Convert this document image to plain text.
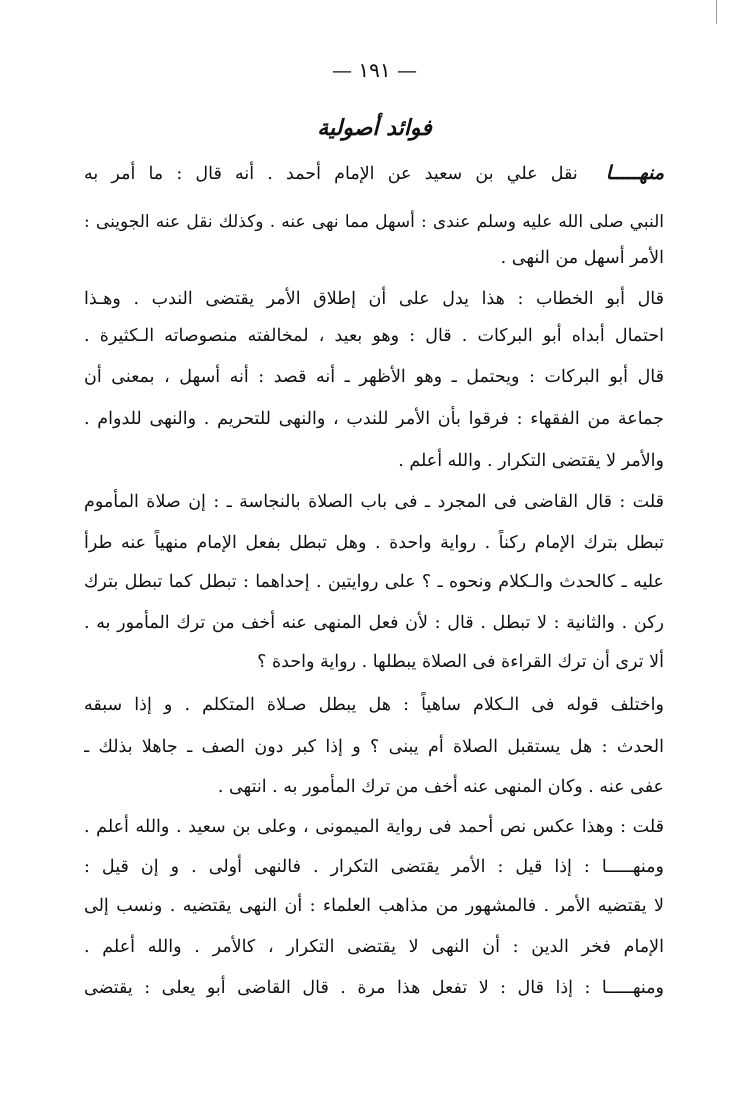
— ١٩١ —
فوائد أصولية
منهـــــانقل علي بن سعيد عن الإمام أحمد . أنه قال : ما أمر به
النبي صلى الله عليه وسلم عندى : أسهل مما نهى عنه . وكذلك نقل عنه الجوينى :
الأمر أسهل من النهى .
قال أبو الخطاب : هذا يدل على أن إطلاق الأمر يقتضى الندب . وهـذا
احتمال أبداه أبو البركات . قال : وهو بعيد ، لمخالفته منصوصاته الـكثيرة .
قال أبو البركات : ويحتمل ـ وهو الأظهر ـ أنه قصد : أنه أسهل ، بمعنى أن
جماعة من الفقهاء : فرقوا بأن الأمر للندب ، والنهى للتحريم . والنهى للدوام .
والأمر لا يقتضى التكرار . والله أعلم .
قلت : قال القاضى فى المجرد ـ فى باب الصلاة بالنجاسة ـ : إن صلاة المأموم
تبطل بترك الإمام ركناً . رواية واحدة . وهل تبطل بفعل الإمام منهياً عنه طرأ
عليه ـ كالحدث والـكلام ونحوه ـ ؟ على روايتين . إحداهما : تبطل كما تبطل بترك
ركن . والثانية : لا تبطل . قال : لأن فعل المنهى عنه أخف من ترك المأمور به .
ألا ترى أن ترك القراءة فى الصلاة يبطلها . رواية واحدة ؟
واختلف قوله فى الـكلام ساهياً : هل يبطل صـلاة المتكلم . و إذا سبقه
الحدث : هل يستقبل الصلاة أم يبنى ؟ و إذا كبر دون الصف ـ جاهلا بذلك ـ
عفى عنه . وكان المنهى عنه أخف من ترك المأمور به . انتهى .
قلت : وهذا عكس نص أحمد فى رواية الميمونى ، وعلى بن سعيد . والله أعلم .
ومنهـــــا : إذا قيل : الأمر يقتضى التكرار . فالنهى أولى . و إن قيل :
لا يقتضيه الأمر . فالمشهور من مذاهب العلماء : أن النهى يقتضيه . ونسب إلى
الإمام فخر الدين : أن النهى لا يقتضى التكرار ، كالأمر . والله أعلم .
ومنهـــــا : إذا قال : لا تفعل هذا مرة . قال القاضى أبو يعلى : يقتضى
